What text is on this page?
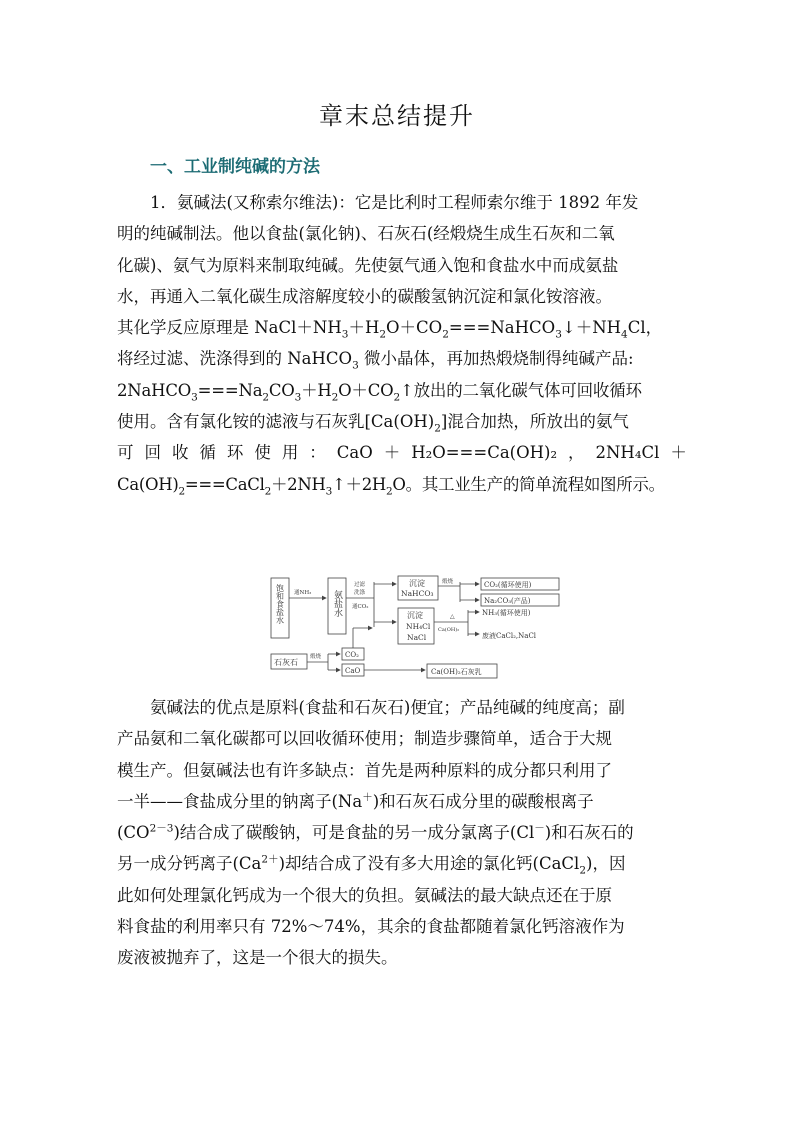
章末总结提升
一、工业制纯碱的方法
1．氨碱法(又称索尔维法)：它是比利时工程师索尔维于 1892 年发
明的纯碱制法。他以食盐(氯化钠)、石灰石(经煅烧生成生石灰和二氧
化碳)、氨气为原料来制取纯碱。先使氨气通入饱和食盐水中而成氨盐
水，再通入二氧化碳生成溶解度较小的碳酸氢钠沉淀和氯化铵溶液。
其化学反应原理是 $NaCl+NH_3+H_2O+CO_2===NaHCO_3↓+NH_4Cl$，
将经过滤、洗涤得到的 NaHCO$_3$ 微小晶体，再加热煅烧制得纯碱产品:
$2NaHCO_3===Na_2CO_3+H_2O+CO_2↑$放出的二氧化碳气体可回收循环
使用。含有氯化铵的滤液与石灰乳$[Ca(OH)_2]$混合加热，所放出的氨气
可 回 收 循 环 使 用 ： CaO ＋ H₂O===Ca(OH)₂ ， 2NH₄Cl ＋
$Ca(OH)_2===CaCl_2+2NH_3↑+2H_2O$。其工业生产的简单流程如图所示。
饱和食盐水	氨盐水
通NH₃
过滤
洗涤
通CO₂
沉淀
NaHCO₃
煅烧	CO₂(循环使用)
Na₂CO₃(产品)
沉淀
NH₄Cl
NaCl
△
Ca(OH)₂
NH₃(循环使用)
废液CaCl₂,NaCl
石灰石
煅烧	CO₂
CaO	Ca(OH)₂石灰乳
氨碱法的优点是原料(食盐和石灰石)便宜；产品纯碱的纯度高；副
产品氨和二氧化碳都可以回收循环使用；制造步骤简单，适合于大规
模生产。但氨碱法也有许多缺点：首先是两种原料的成分都只利用了
一半——食盐成分里的钠离子(Na＋)和石灰石成分里的碳酸根离子
$(CO^{2-3})$结合成了碳酸钠，可是食盐的另一成分氯离子(Cl－)和石灰石的
另一成分钙离子$(Ca^{2+})$却结合成了没有多大用途的氯化钙(CaCl$_2$)，因
此如何处理氯化钙成为一个很大的负担。氨碱法的最大缺点还在于原
料食盐的利用率只有 72%～74%，其余的食盐都随着氯化钙溶液作为
废液被抛弃了，这是一个很大的损失。
